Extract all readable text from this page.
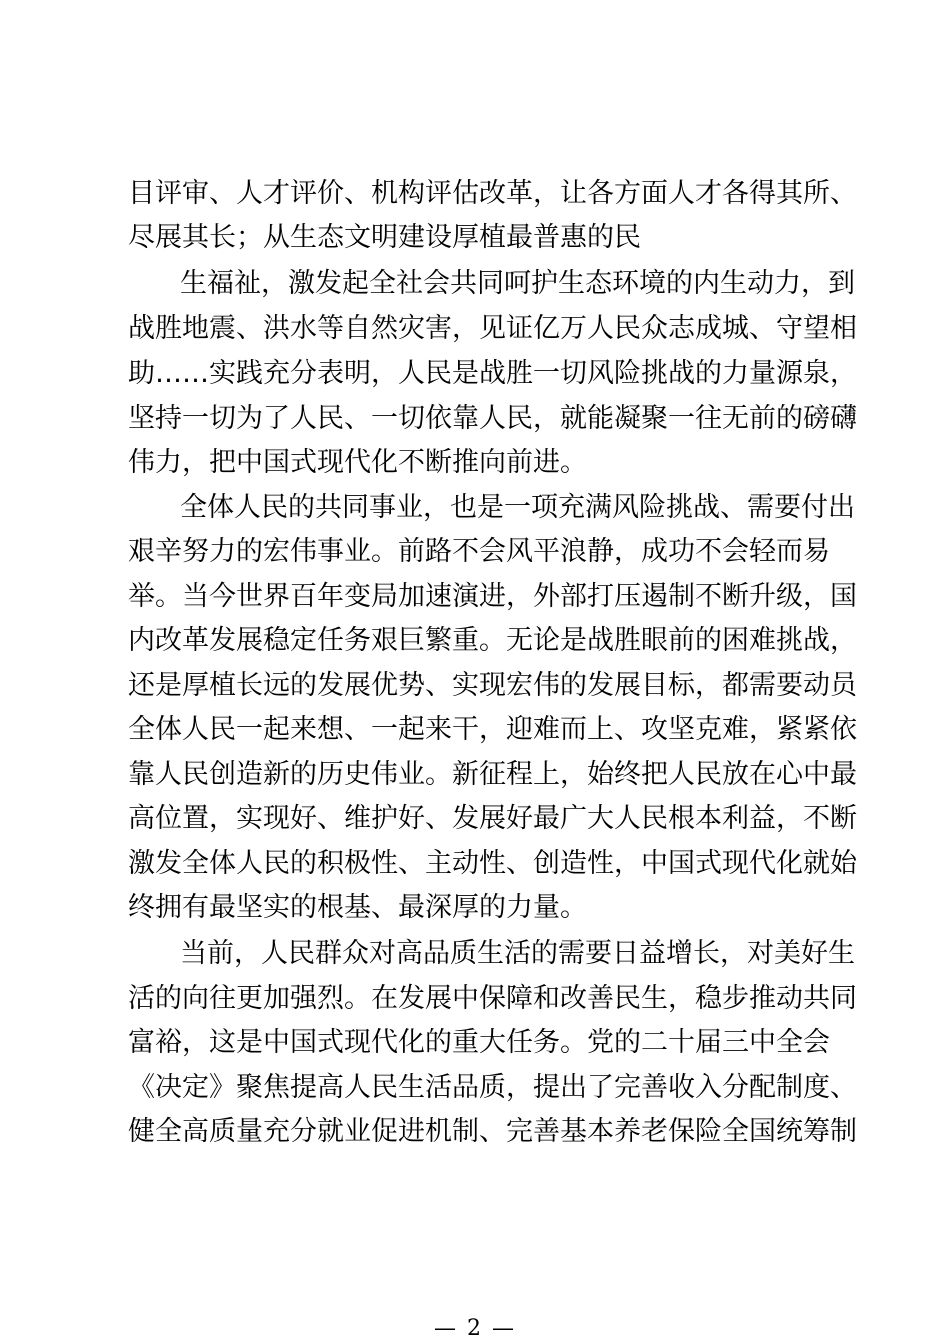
目评审、人才评价、机构评估改革，让各方面人才各得其所、
尽展其长；从生态文明建设厚植最普惠的民
生福祉，激发起全社会共同呵护生态环境的内生动力，到
战胜地震、洪水等自然灾害，见证亿万人民众志成城、守望相
助……实践充分表明，人民是战胜一切风险挑战的力量源泉，
坚持一切为了人民、一切依靠人民，就能凝聚一往无前的磅礴
伟力，把中国式现代化不断推向前进。
全体人民的共同事业，也是一项充满风险挑战、需要付出
艰辛努力的宏伟事业。前路不会风平浪静，成功不会轻而易
举。当今世界百年变局加速演进，外部打压遏制不断升级，国
内改革发展稳定任务艰巨繁重。无论是战胜眼前的困难挑战，
还是厚植长远的发展优势、实现宏伟的发展目标，都需要动员
全体人民一起来想、一起来干，迎难而上、攻坚克难，紧紧依
靠人民创造新的历史伟业。新征程上，始终把人民放在心中最
高位置，实现好、维护好、发展好最广大人民根本利益，不断
激发全体人民的积极性、主动性、创造性，中国式现代化就始
终拥有最坚实的根基、最深厚的力量。
当前，人民群众对高品质生活的需要日益增长，对美好生
活的向往更加强烈。在发展中保障和改善民生，稳步推动共同
富裕，这是中国式现代化的重大任务。党的二十届三中全会
《决定》聚焦提高人民生活品质，提出了完善收入分配制度、
健全高质量充分就业促进机制、完善基本养老保险全国统筹制
— 2 —
